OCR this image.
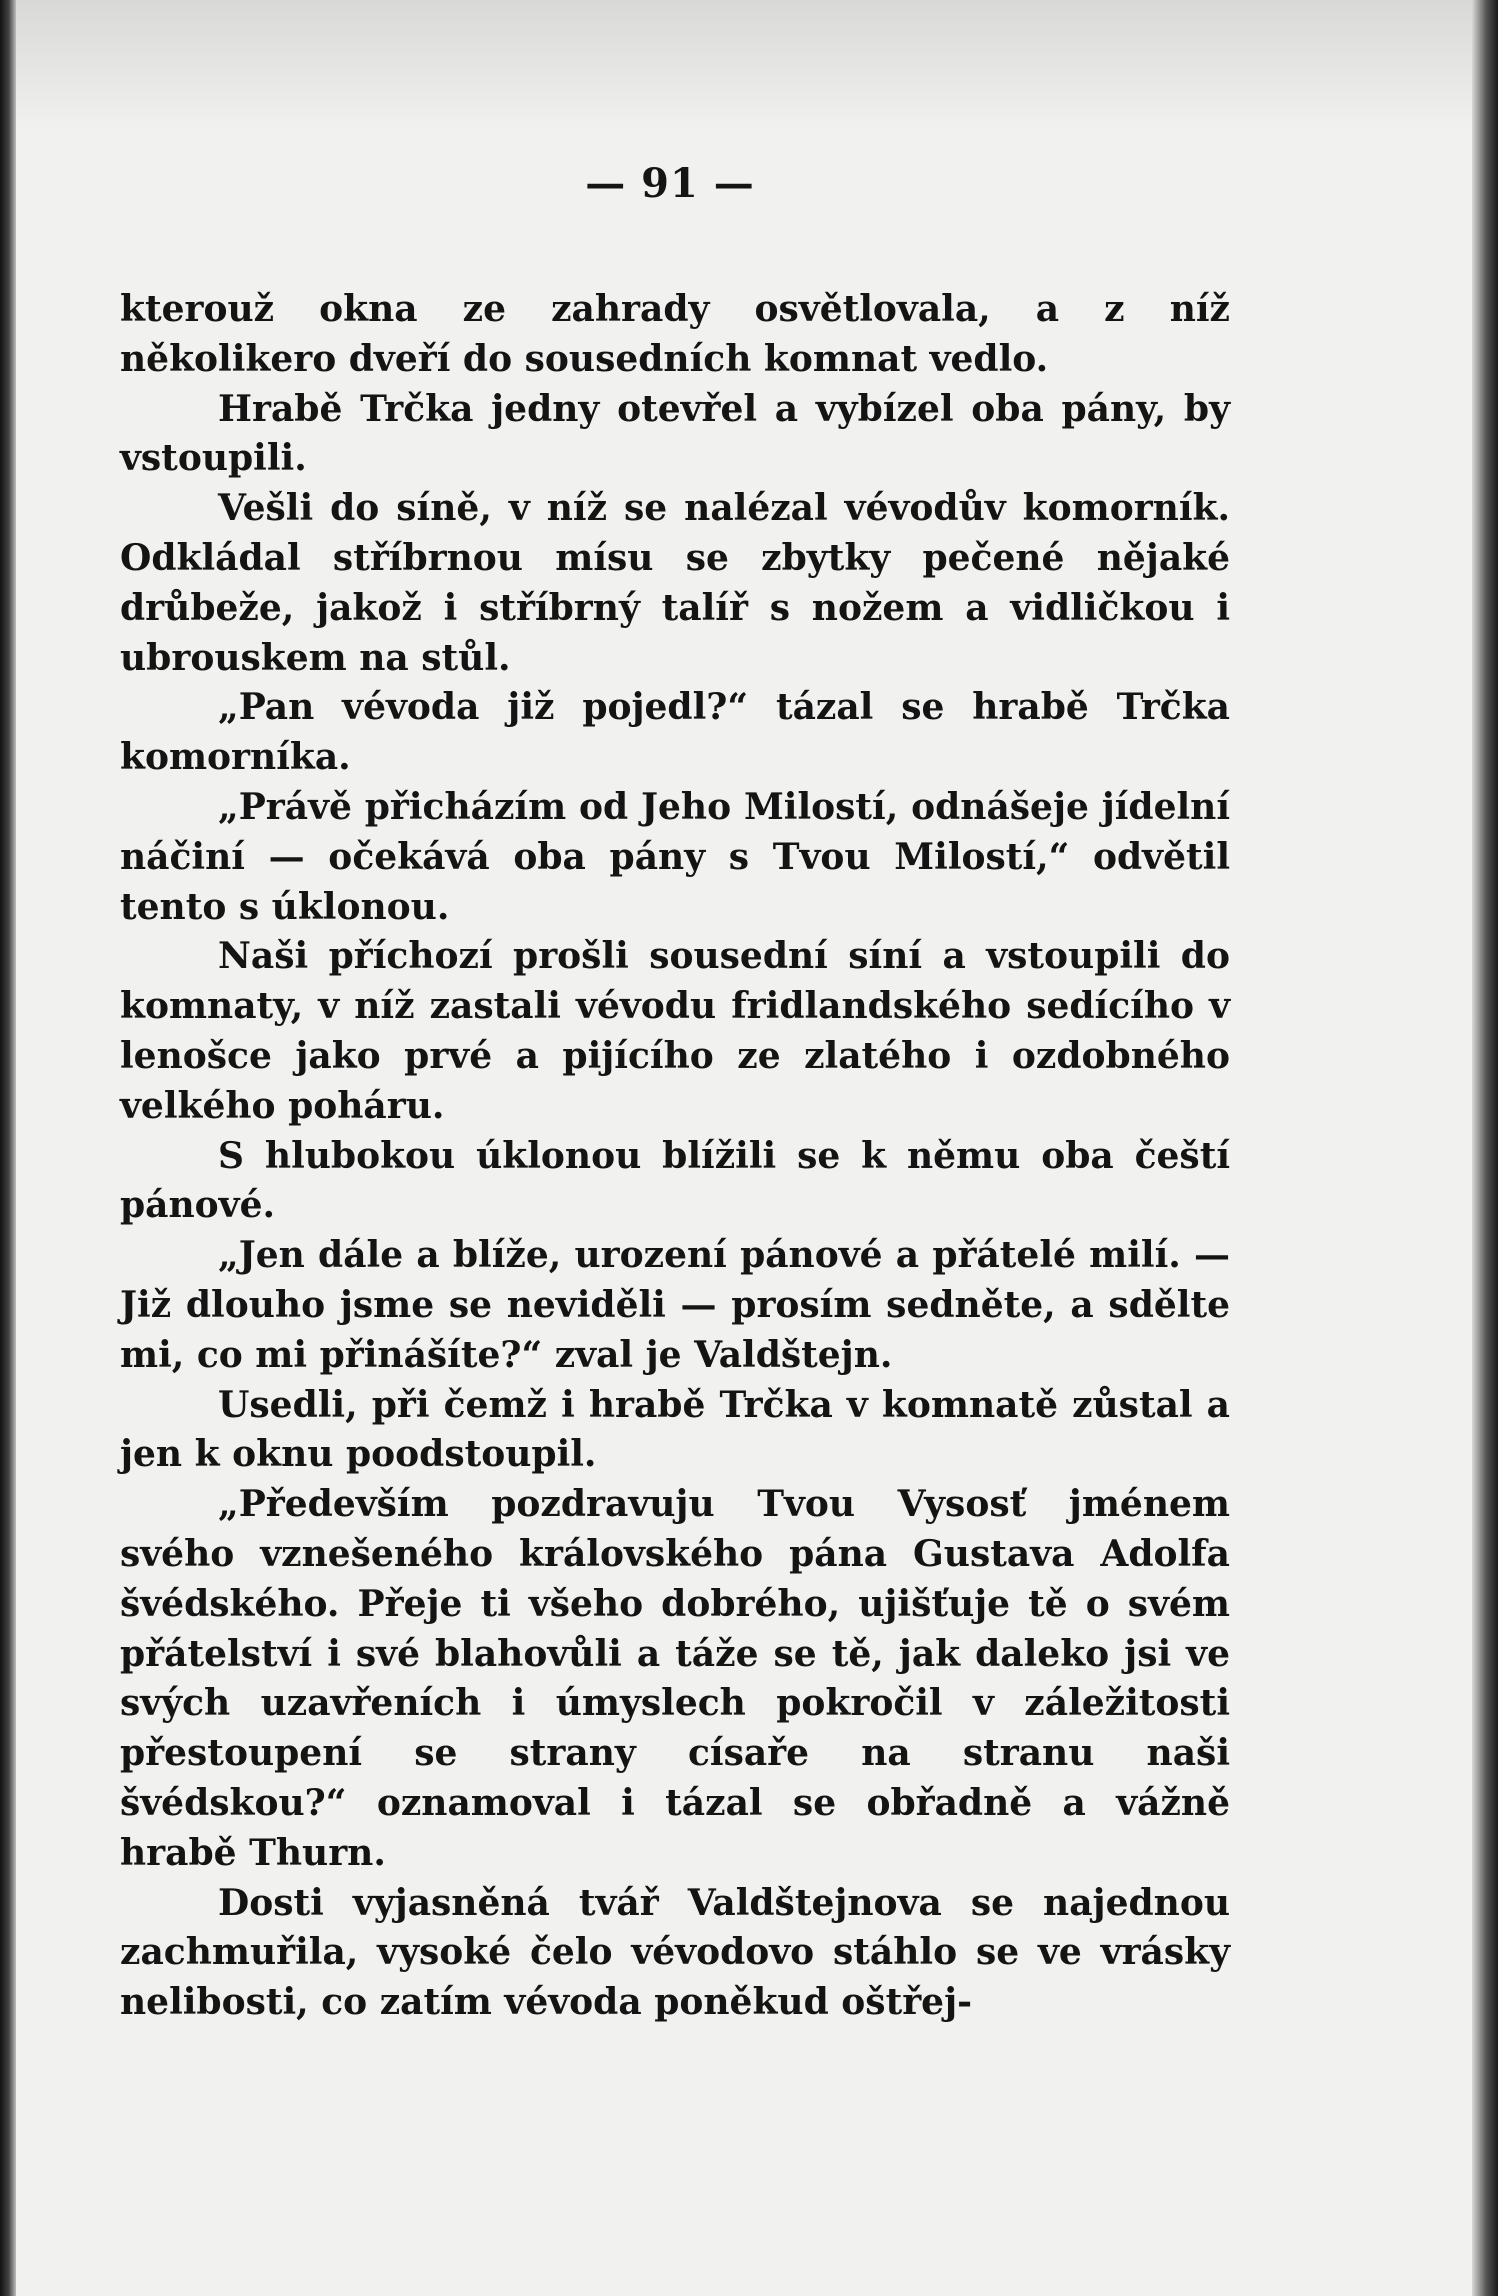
— 91 —

kterouž okna ze zahrady osvětlovala, a z níž několikero dveří do sousedních komnat vedlo.

Hrabě Trčka jedny otevřel a vybízel oba pány, by vstoupili.

Vešli do síně, v níž se nalézal vévodův komorník. Odkládal stříbrnou mísu se zbytky pečené nějaké drůbeže, jakož i stříbrný talíř s nožem a vidličkou i ubrouskem na stůl.

„Pan vévoda již pojedl?“ tázal se hrabě Trčka komorníka.

„Právě přicházím od Jeho Milostí, odnášeje jídelní náčiní — očekává oba pány s Tvou Milostí,“ odvětil tento s úklonou.

Naši příchozí prošli sousední síní a vstoupili do komnaty, v níž zastali vévodu fridlandského sedícího v lenošce jako prvé a pijícího ze zlatého i ozdobného velkého poháru.

S hlubokou úklonou blížili se k němu oba čeští pánové.

„Jen dále a blíže, urození pánové a přátelé milí. — Již dlouho jsme se neviděli — prosím sedněte, a sdělte mi, co mi přinášíte?“ zval je Valdštejn.

Usedli, při čemž i hrabě Trčka v komnatě zůstal a jen k oknu poodstoupil.

„Především pozdravuju Tvou Vysosť jménem svého vznešeného královského pána Gustava Adolfa švédského. Přeje ti všeho dobrého, ujišťuje tě o svém přátelství i své blahovůli a táže se tě, jak daleko jsi ve svých uzavřeních i úmyslech pokročil v záležitosti přestoupení se strany císaře na stranu naši švédskou?“ oznamoval i tázal se obřadně a vážně hrabě Thurn.

Dosti vyjasněná tvář Valdštejnova se najednou zachmuřila, vysoké čelo vévodovo stáhlo se ve vrásky nelibosti, co zatím vévoda poněkud oštřej-
